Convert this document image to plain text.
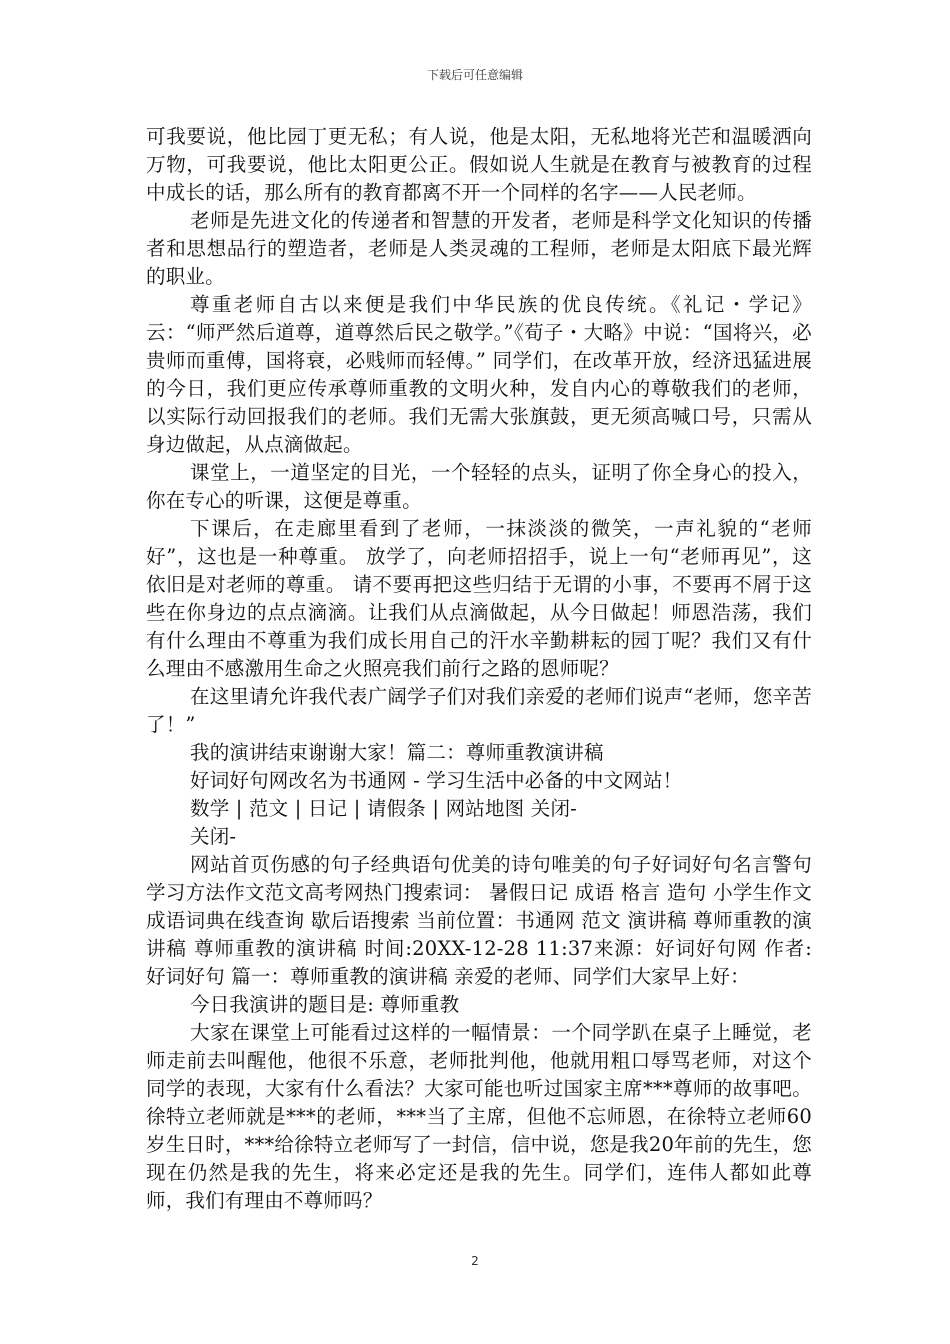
下载后可任意编辑

可我要说，他比园丁更无私；有人说，他是太阳，无私地将光芒和温暖洒向万物，可我要说，他比太阳更公正。假如说人生就是在教育与被教育的过程中成长的话，那么所有的教育都离不开一个同样的名字——人民老师。

老师是先进文化的传递者和智慧的开发者，老师是科学文化知识的传播者和思想品行的塑造者，老师是人类灵魂的工程师，老师是太阳底下最光辉的职业。

尊重老师自古以来便是我们中华民族的优良传统。《礼记・学记》云：“师严然后道尊，道尊然后民之敬学。”《荀子・大略》中说：“国将兴，必贵师而重傅，国将衰，必贱师而轻傅。” 同学们，在改革开放，经济迅猛进展的今日，我们更应传承尊师重教的文明火种，发自内心的尊敬我们的老师，以实际行动回报我们的老师。我们无需大张旗鼓，更无须高喊口号，只需从身边做起，从点滴做起。

课堂上，一道坚定的目光，一个轻轻的点头，证明了你全身心的投入，你在专心的听课，这便是尊重。

下课后，在走廊里看到了老师，一抹淡淡的微笑，一声礼貌的“老师好”，这也是一种尊重。 放学了，向老师招招手，说上一句“老师再见”，这依旧是对老师的尊重。 请不要再把这些归结于无谓的小事，不要再不屑于这些在你身边的点点滴滴。让我们从点滴做起，从今日做起！师恩浩荡，我们有什么理由不尊重为我们成长用自己的汗水辛勤耕耘的园丁呢？我们又有什么理由不感激用生命之火照亮我们前行之路的恩师呢？

在这里请允许我代表广阔学子们对我们亲爱的老师们说声“老师，您辛苦了！”

我的演讲结束谢谢大家！篇二：尊师重教演讲稿

好词好句网改名为书通网 - 学习生活中必备的中文网站！

数学 | 范文 | 日记 | 请假条 | 网站地图 关闭-

关闭-

网站首页伤感的句子经典语句优美的诗句唯美的句子好词好句名言警句学习方法作文范文高考网热门搜索词： 暑假日记 成语 格言 造句 小学生作文 成语词典在线查询 歇后语搜索 当前位置：书通网 范文 演讲稿 尊师重教的演讲稿 尊师重教的演讲稿 时间:20XX-12-28 11:37来源：好词好句网 作者:好词好句 篇一：尊师重教的演讲稿 亲爱的老师、同学们大家早上好：

今日我演讲的题目是: 尊师重教

大家在课堂上可能看过这样的一幅情景：一个同学趴在桌子上睡觉，老师走前去叫醒他，他很不乐意，老师批判他，他就用粗口辱骂老师，对这个同学的表现，大家有什么看法？大家可能也听过国家主席***尊师的故事吧。徐特立老师就是***的老师，***当了主席，但他不忘师恩，在徐特立老师60岁生日时，***给徐特立老师写了一封信，信中说，您是我20年前的先生，您现在仍然是我的先生，将来必定还是我的先生。同学们，连伟人都如此尊师，我们有理由不尊师吗？

2
